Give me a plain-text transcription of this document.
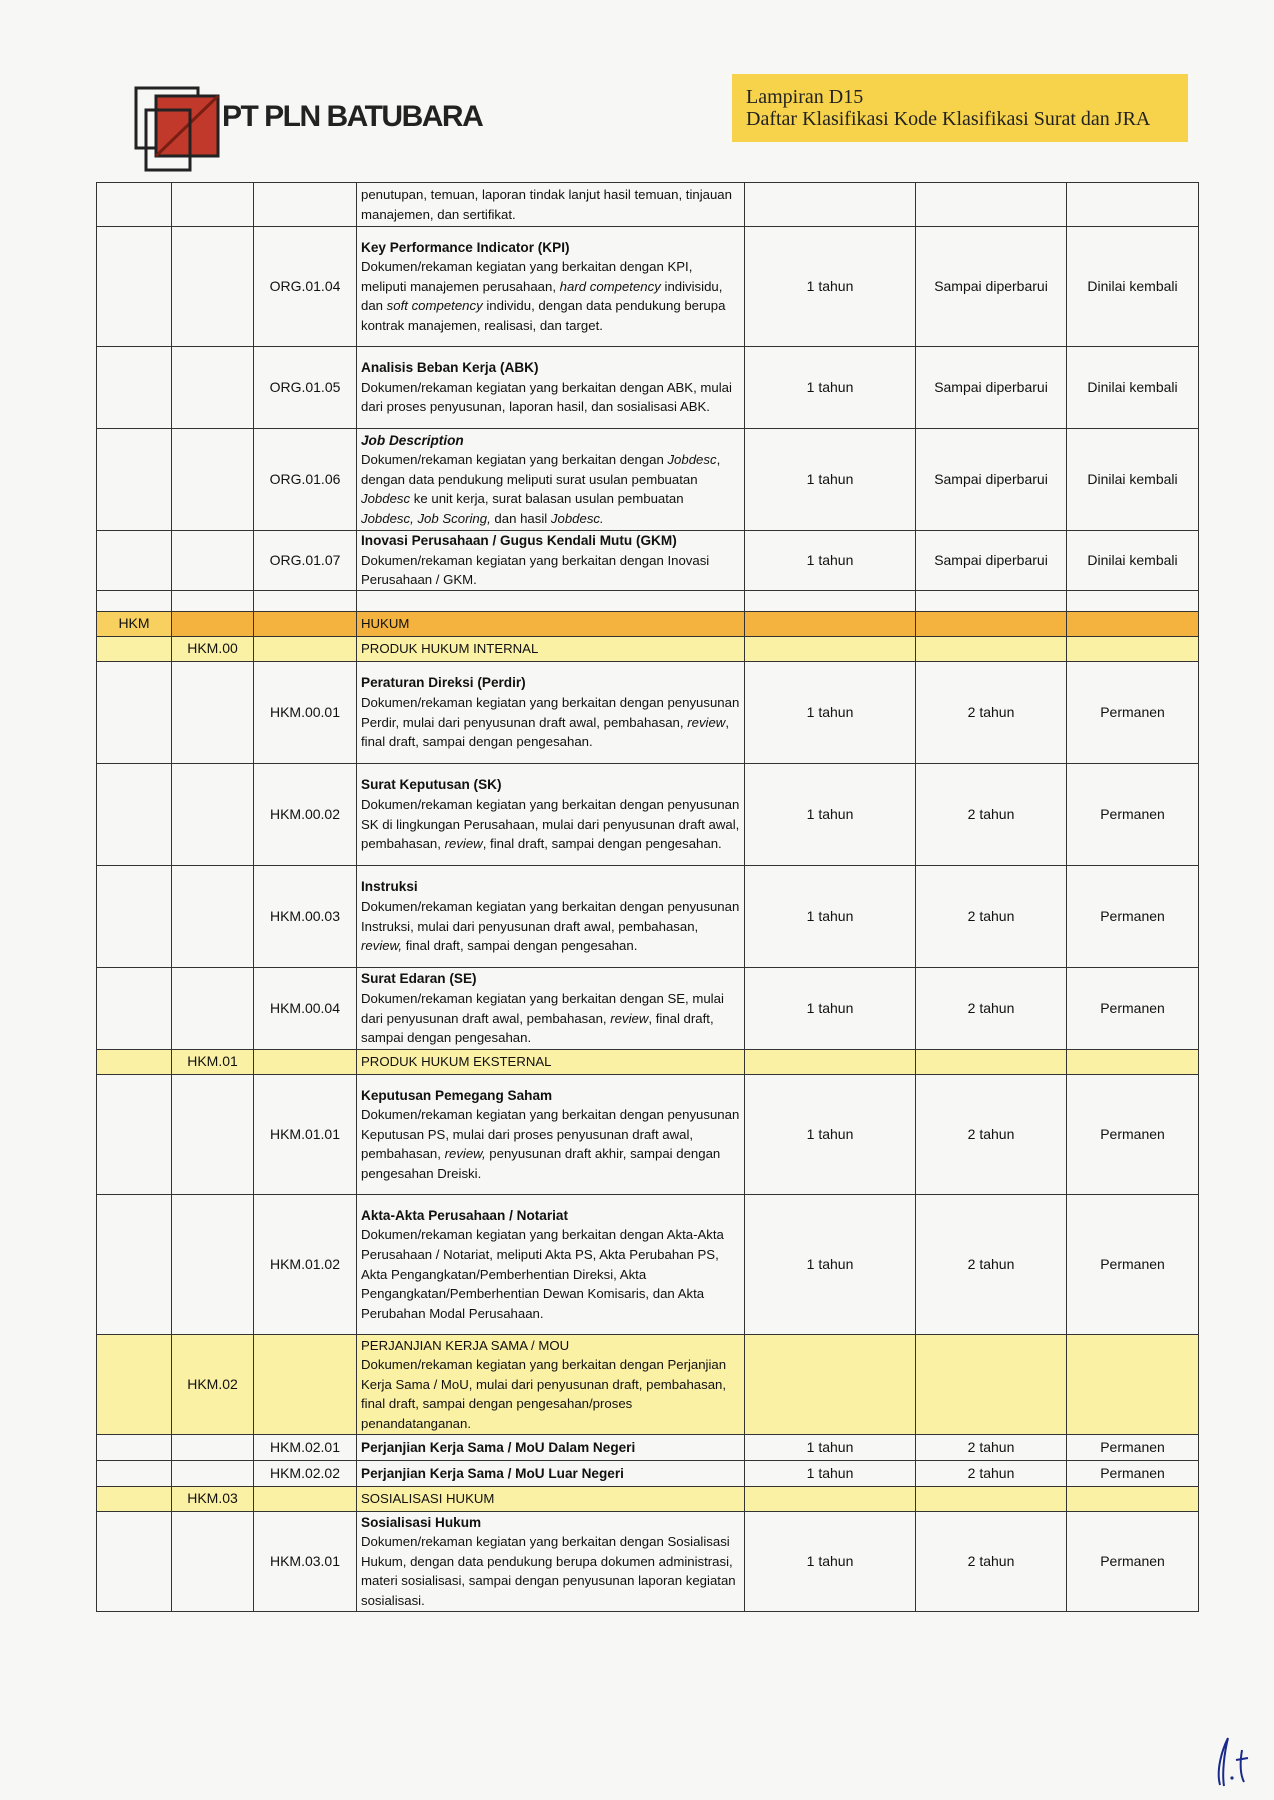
PT PLN BATUBARA
Lampiran D15
Daftar Klasifikasi Kode Klasifikasi Surat dan JRA
			penutupan, temuan, laporan tindak lanjut hasil temuan, tinjauan manajemen, dan sertifikat.			
		ORG.01.04	Key Performance Indicator (KPI)
Dokumen/rekaman kegiatan yang berkaitan dengan KPI, meliputi manajemen perusahaan, hard competency indivisidu, dan soft competency individu, dengan data pendukung berupa kontrak manajemen, realisasi, dan target.	1 tahun	Sampai diperbarui	Dinilai kembali
		ORG.01.05	Analisis Beban Kerja (ABK)
Dokumen/rekaman kegiatan yang berkaitan dengan ABK, mulai dari proses penyusunan, laporan hasil, dan sosialisasi ABK.	1 tahun	Sampai diperbarui	Dinilai kembali
		ORG.01.06	Job Description
Dokumen/rekaman kegiatan yang berkaitan dengan Jobdesc, dengan data pendukung meliputi surat usulan pembuatan Jobdesc ke unit kerja, surat balasan usulan pembuatan Jobdesc, Job Scoring, dan hasil Jobdesc.	1 tahun	Sampai diperbarui	Dinilai kembali
		ORG.01.07	Inovasi Perusahaan / Gugus Kendali Mutu (GKM)
Dokumen/rekaman kegiatan yang berkaitan dengan Inovasi Perusahaan / GKM.	1 tahun	Sampai diperbarui	Dinilai kembali

HKM			HUKUM			
	HKM.00		PRODUK HUKUM INTERNAL			
		HKM.00.01	Peraturan Direksi (Perdir)
Dokumen/rekaman kegiatan yang berkaitan dengan penyusunan Perdir, mulai dari penyusunan draft awal, pembahasan, review, final draft, sampai dengan pengesahan.	1 tahun	2 tahun	Permanen
		HKM.00.02	Surat Keputusan (SK)
Dokumen/rekaman kegiatan yang berkaitan dengan penyusunan SK di lingkungan Perusahaan, mulai dari penyusunan draft awal, pembahasan, review, final draft, sampai dengan pengesahan.	1 tahun	2 tahun	Permanen
		HKM.00.03	Instruksi
Dokumen/rekaman kegiatan yang berkaitan dengan penyusunan Instruksi, mulai dari penyusunan draft awal, pembahasan, review, final draft, sampai dengan pengesahan.	1 tahun	2 tahun	Permanen
		HKM.00.04	Surat Edaran (SE)
Dokumen/rekaman kegiatan yang berkaitan dengan SE, mulai dari penyusunan draft awal, pembahasan, review, final draft, sampai dengan pengesahan.	1 tahun	2 tahun	Permanen
	HKM.01		PRODUK HUKUM EKSTERNAL			
		HKM.01.01	Keputusan Pemegang Saham
Dokumen/rekaman kegiatan yang berkaitan dengan penyusunan Keputusan PS, mulai dari proses penyusunan draft awal, pembahasan, review, penyusunan draft akhir, sampai dengan pengesahan Dreiski.	1 tahun	2 tahun	Permanen
		HKM.01.02	Akta-Akta Perusahaan / Notariat
Dokumen/rekaman kegiatan yang berkaitan dengan Akta-Akta Perusahaan / Notariat, meliputi Akta PS, Akta Perubahan PS, Akta Pengangkatan/Pemberhentian Direksi, Akta Pengangkatan/Pemberhentian Dewan Komisaris, dan Akta Perubahan Modal Perusahaan.	1 tahun	2 tahun	Permanen
	HKM.02		PERJANJIAN KERJA SAMA / MOU
Dokumen/rekaman kegiatan yang berkaitan dengan Perjanjian Kerja Sama / MoU, mulai dari penyusunan draft, pembahasan, final draft, sampai dengan pengesahan/proses penandatanganan.			
		HKM.02.01	Perjanjian Kerja Sama / MoU Dalam Negeri	1 tahun	2 tahun	Permanen
		HKM.02.02	Perjanjian Kerja Sama / MoU Luar Negeri	1 tahun	2 tahun	Permanen
	HKM.03		SOSIALISASI HUKUM			
		HKM.03.01	Sosialisasi Hukum
Dokumen/rekaman kegiatan yang berkaitan dengan Sosialisasi Hukum, dengan data pendukung berupa dokumen administrasi, materi sosialisasi, sampai dengan penyusunan laporan kegiatan sosialisasi.	1 tahun	2 tahun	Permanen
